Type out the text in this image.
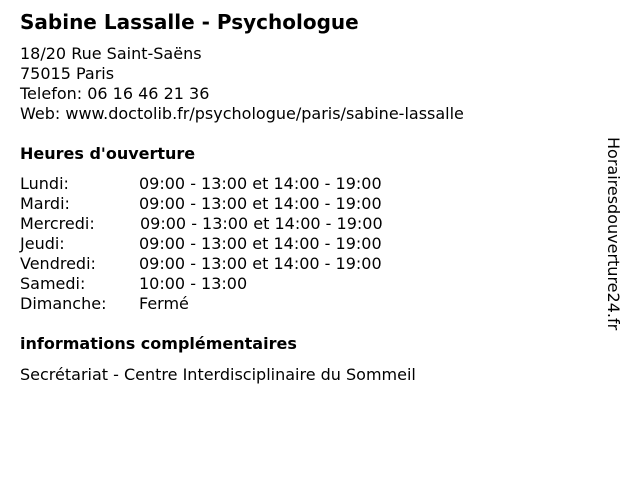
Sabine Lassalle - Psychologue
18/20 Rue Saint-Saëns
75015 Paris
Telefon: 06 16 46 21 36
Web: www.doctolib.fr/psychologue/paris/sabine-lassalle
Heures d'ouverture
Lundi:	09:00 - 13:00 et 14:00 - 19:00
Mardi:	09:00 - 13:00 et 14:00 - 19:00
Mercredi:	09:00 - 13:00 et 14:00 - 19:00
Jeudi:	09:00 - 13:00 et 14:00 - 19:00
Vendredi:	09:00 - 13:00 et 14:00 - 19:00
Samedi:	10:00 - 13:00
Dimanche: Fermé
informations complémentaires
Secrétariat - Centre Interdisciplinaire du Sommeil
Horairesdouverture24.fr
